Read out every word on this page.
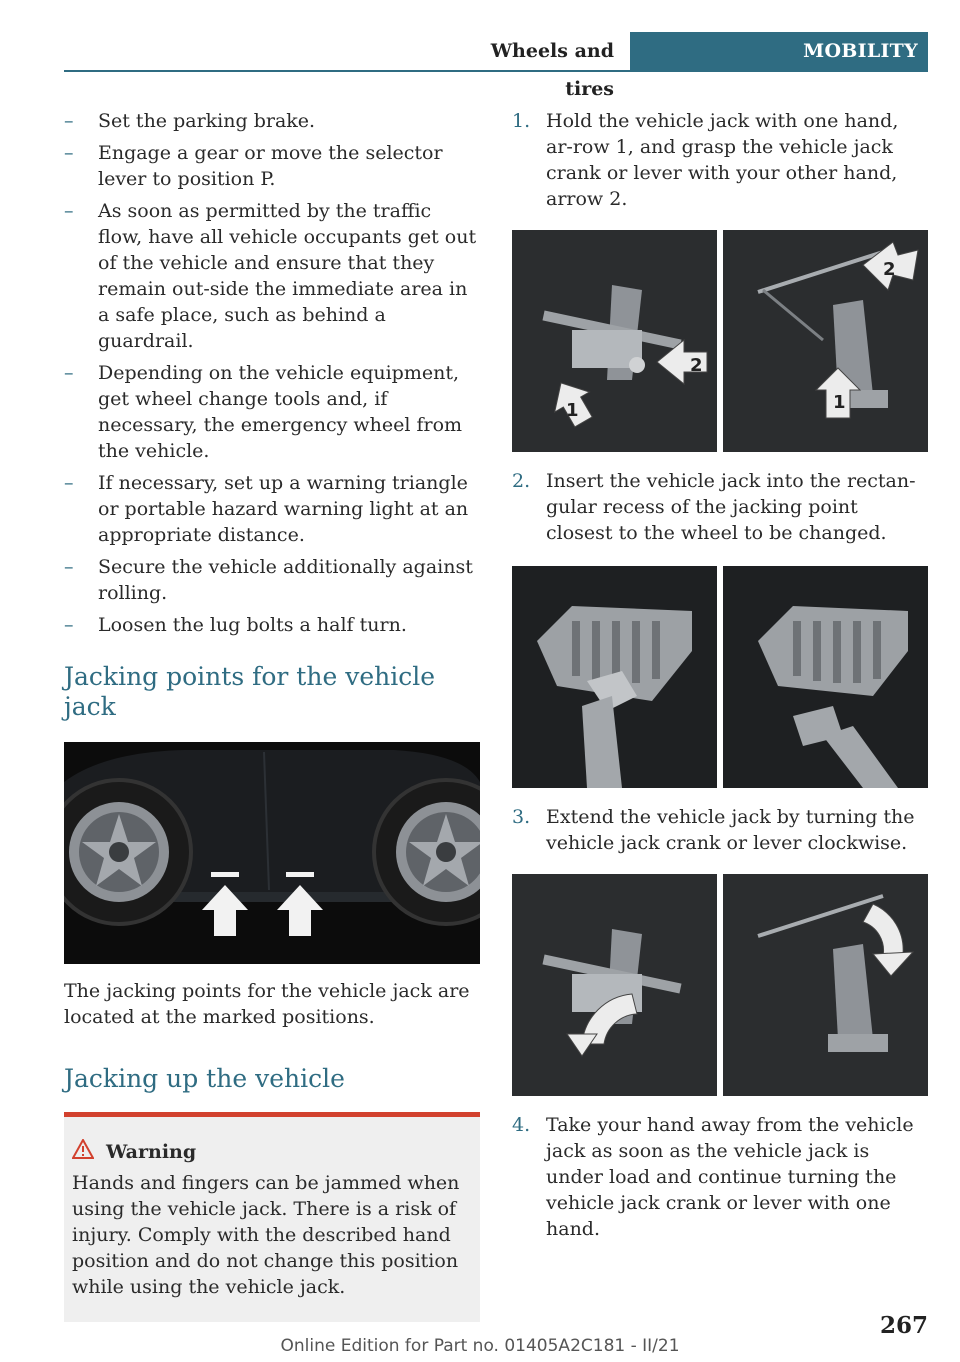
Wheels and tires
MOBILITY
– Set the parking brake.
– Engage a gear or move the selector lever to position P.
– As soon as permitted by the traffic flow, have all vehicle occupants get out of the vehicle and ensure that they remain out‐side the immediate area in a safe place, such as behind a guardrail.
– Depending on the vehicle equipment, get wheel change tools and, if necessary, the emergency wheel from the vehicle.
– If necessary, set up a warning triangle or portable hazard warning light at an appropriate distance.
– Secure the vehicle additionally against rolling.
– Loosen the lug bolts a half turn.
Jacking points for the vehicle jack

The jacking points for the vehicle jack are located at the marked positions.

Jacking up the vehicle
Warning
Hands and fingers can be jammed when using the vehicle jack. There is a risk of injury. Comply with the described hand position and do not change this position while using the vehicle jack.
1. Hold the vehicle jack with one hand, ar‐row 1, and grasp the vehicle jack crank or lever with your other hand, arrow 2.
2
1
2
1
2. Insert the vehicle jack into the rectan‐gular recess of the jacking point closest to the wheel to be changed.
3. Extend the vehicle jack by turning the vehicle jack crank or lever clockwise.
4. Take your hand away from the vehicle jack as soon as the vehicle jack is under load and continue turning the vehicle jack crank or lever with one hand.
267
Online Edition for Part no. 01405A2C181 - II/21
